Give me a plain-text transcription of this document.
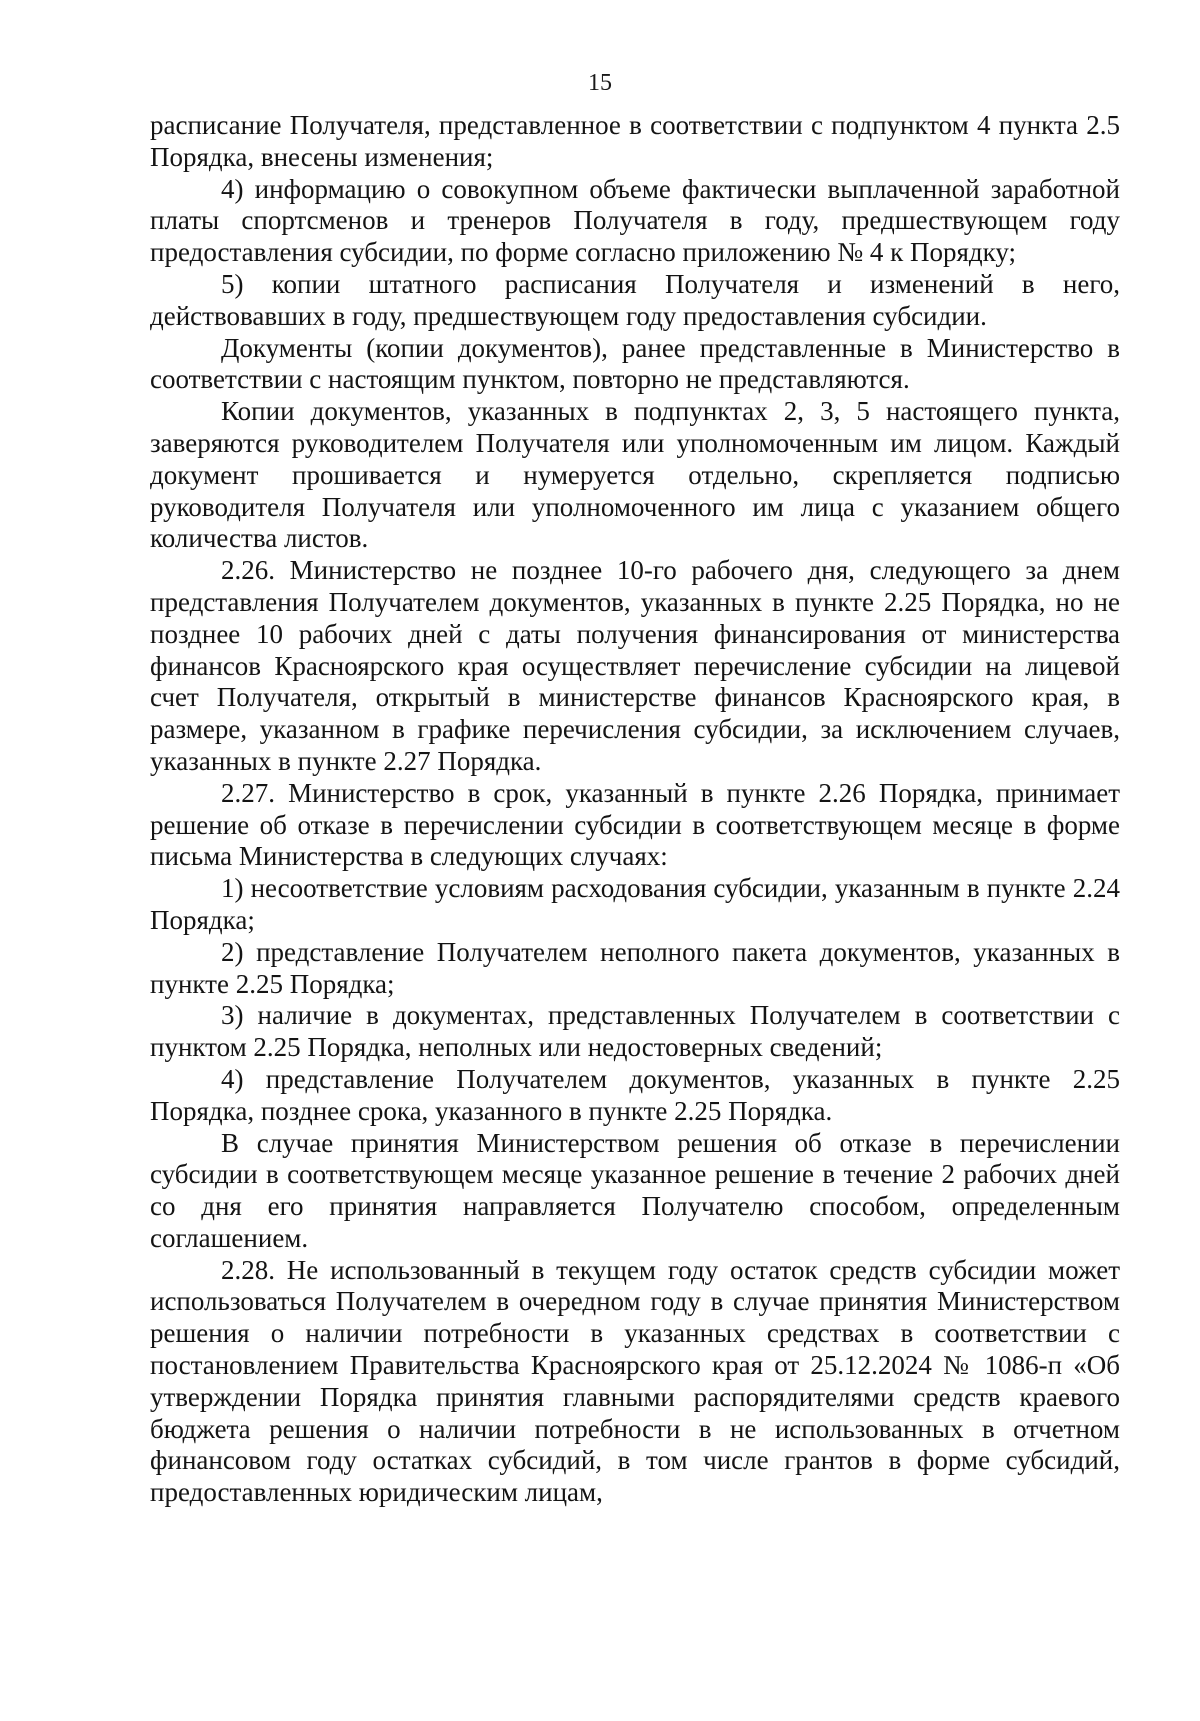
15

расписание Получателя, представленное в соответствии с подпунктом 4 пункта 2.5 Порядка, внесены изменения;

4) информацию о совокупном объеме фактически выплаченной заработной платы спортсменов и тренеров Получателя в году, предшествующем году предоставления субсидии, по форме согласно приложению № 4 к Порядку;

5) копии штатного расписания Получателя и изменений в него, действовавших в году, предшествующем году предоставления субсидии.

Документы (копии документов), ранее представленные в Министерство в соответствии с настоящим пунктом, повторно не представляются.

Копии документов, указанных в подпунктах 2, 3, 5 настоящего пункта, заверяются руководителем Получателя или уполномоченным им лицом. Каждый документ прошивается и нумеруется отдельно, скрепляется подписью руководителя Получателя или уполномоченного им лица с указанием общего количества листов.

2.26. Министерство не позднее 10-го рабочего дня, следующего за днем представления Получателем документов, указанных в пункте 2.25 Порядка, но не позднее 10 рабочих дней с даты получения финансирования от министерства финансов Красноярского края осуществляет перечисление субсидии на лицевой счет Получателя, открытый в министерстве финансов Красноярского края, в размере, указанном в графике перечисления субсидии, за исключением случаев, указанных в пункте 2.27 Порядка.

2.27. Министерство в срок, указанный в пункте 2.26 Порядка, принимает решение об отказе в перечислении субсидии в соответствующем месяце в форме письма Министерства в следующих случаях:

1) несоответствие условиям расходования субсидии, указанным в пункте 2.24 Порядка;

2) представление Получателем неполного пакета документов, указанных в пункте 2.25 Порядка;

3) наличие в документах, представленных Получателем в соответствии с пунктом 2.25 Порядка, неполных или недостоверных сведений;

4) представление Получателем документов, указанных в пункте 2.25 Порядка, позднее срока, указанного в пункте 2.25 Порядка.

В случае принятия Министерством решения об отказе в перечислении субсидии в соответствующем месяце указанное решение в течение 2 рабочих дней со дня его принятия направляется Получателю способом, определенным соглашением.

2.28. Не использованный в текущем году остаток средств субсидии может использоваться Получателем в очередном году в случае принятия Министерством решения о наличии потребности в указанных средствах в соответствии с постановлением Правительства Красноярского края от 25.12.2024 № 1086-п «Об утверждении Порядка принятия главными распорядителями средств краевого бюджета решения о наличии потребности в не использованных в отчетном финансовом году остатках субсидий, в том числе грантов в форме субсидий, предоставленных юридическим лицам,
